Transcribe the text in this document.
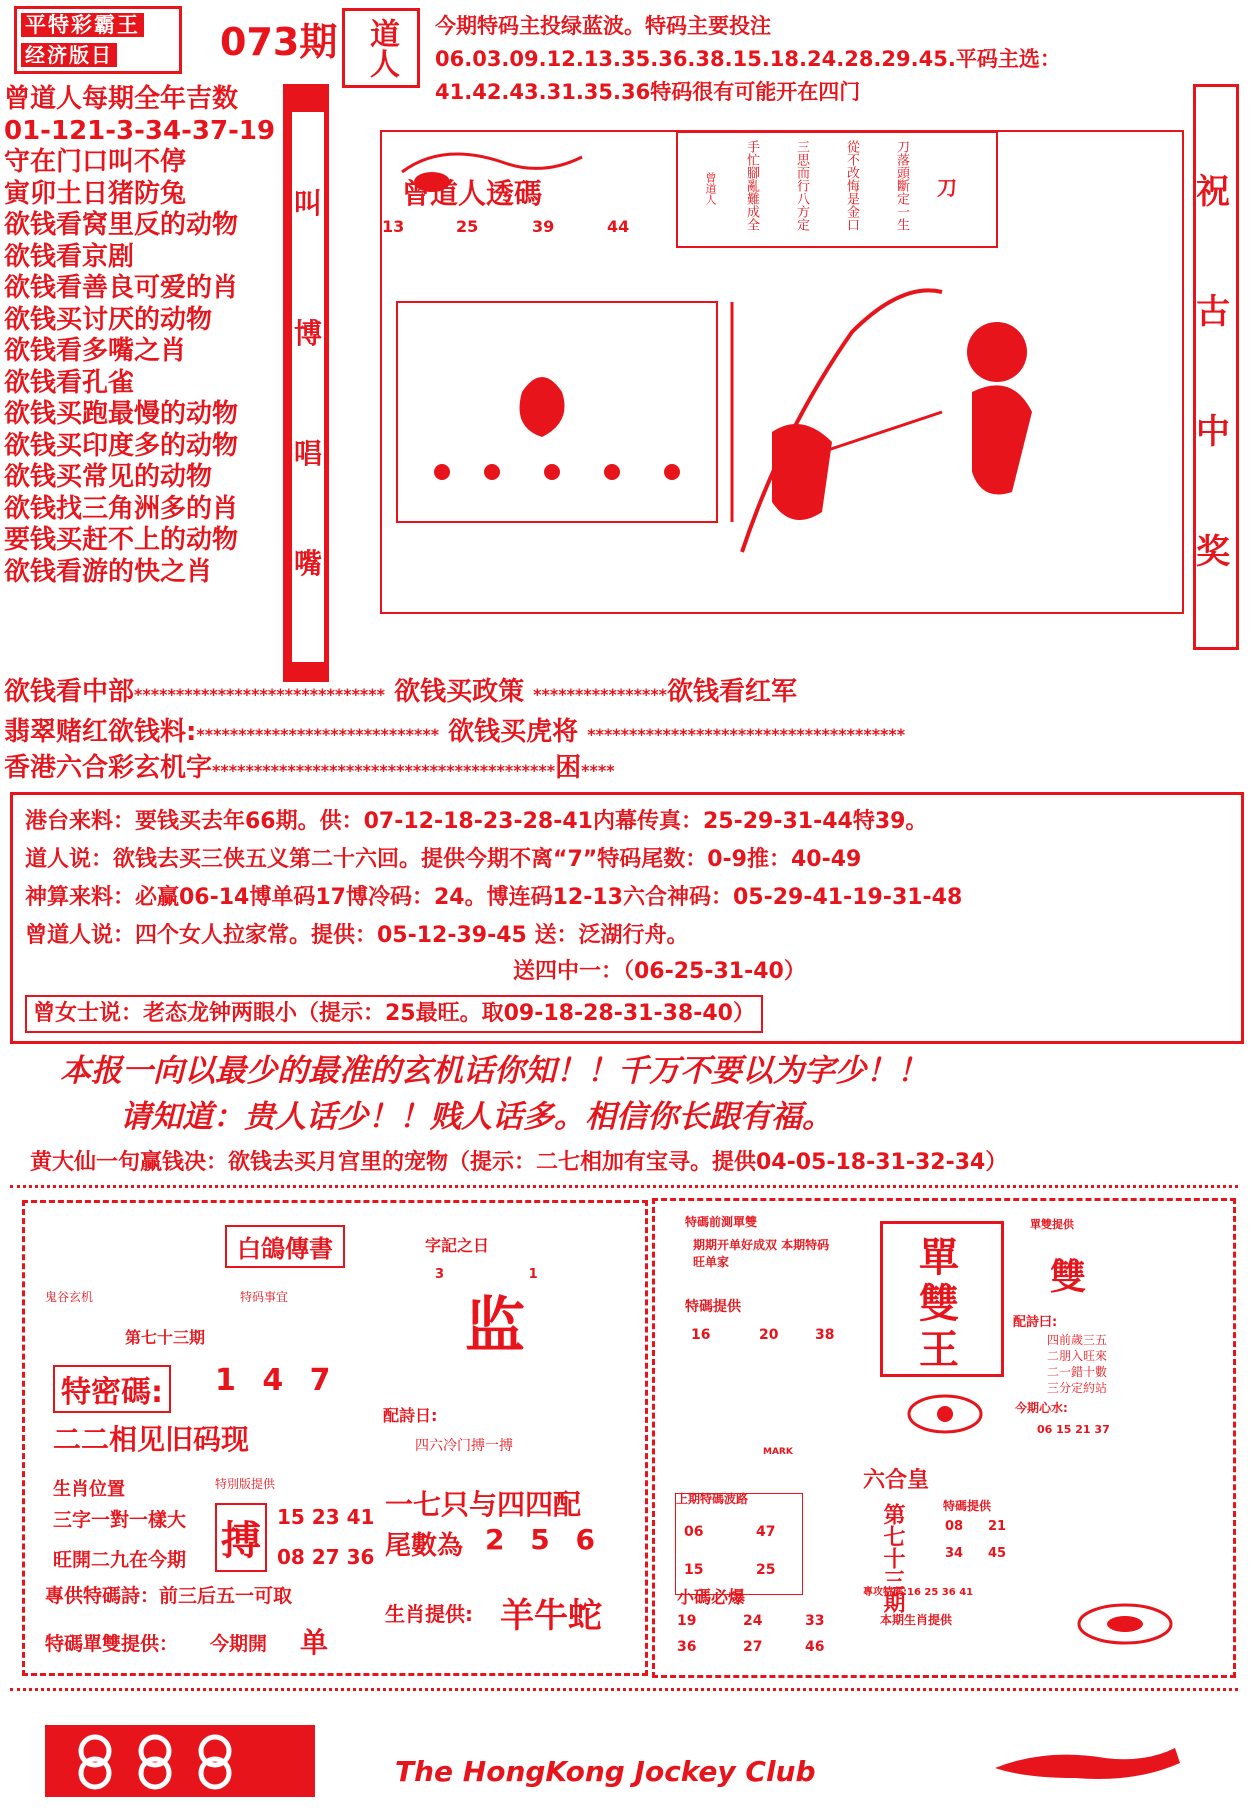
平特彩霸王
经济版日	073期 道人 今期特码主投绿蓝波。特码主要投注06.03.09.12.13.35.36.38.15.18.24.28.29.45.平码主选：41.42.43.31.35.36特码很有可能开在四门
曾道人每期全年吉数
01-121-3-34-37-19
守在门口叫不停
寅卯土日猪防兔
欲钱看窝里反的动物
欲钱看京剧
欲钱看善良可爱的肖
欲钱买讨厌的动物
欲钱看多嘴之肖
欲钱看孔雀
欲钱买跑最慢的动物
欲钱买印度多的动物
欲钱买常见的动物
欲钱找三角洲多的肖
要钱买赶不上的动物
欲钱看游的快之肖
叫
博
唱
嘴
曾道人透碼
13	25	39	44	刀落頭斷定一生
從不改悔是金口
三思而行八方定
手忙腳亂難成全
曾道人	刀	祝
古
中
奖
欲钱看中部****************************** 欲钱买政策 ****************欲钱看红军
翡翠赌红欲钱料:***************************** 欲钱买虎将 **************************************
香港六合彩玄机字*****************************************困****
港台来料：要钱买去年66期。供：07-12-18-23-28-41内幕传真：25-29-31-44特39。
道人说：欲钱去买三侠五义第二十六回。提供今期不离“7”特码尾数：0-9推：40-49
神算来料：必赢06-14博单码17博冷码：24。博连码12-13六合神码：05-29-41-19-31-48
曾道人说：四个女人拉家常。提供：05-12-39-45 送：泛湖行舟。
送四中一：（06-25-31-40）
曾女士说：老态龙钟两眼小（提示：25最旺。取09-18-28-31-38-40）
本报一向以最少的最准的玄机话你知！！千万不要以为字少！！
请知道：贵人话少！！贱人话多。相信你长跟有福。
黄大仙一句赢钱决：欲钱去买月宫里的宠物（提示：二七相加有宝寻。提供04-05-18-31-32-34）
白鴿傳書
鬼谷玄机	特码事宜
第七十三期
特密碼: 1 4 7
二二相见旧码现
生肖位置
三字一對一樣大
旺開二九在今期
特別版提供
搏
15 23 41
08 27 36
專供特碼詩：前三后五一可取
特碼單雙提供： 今期開 单
字記之日
3 1
监
配詩日:
四六冷门搏一搏
一七只与四四配
尾數為 2 5 6
生肖提供: 羊牛蛇
特碼前測單雙
期期开单好成双 本期特码旺单家
特碼提供
16	20	38
單
雙
王
單雙提供
雙
配詩曰:
四前歲三五
二朋入旺來
二一錯十數
三分定約站
今期心水:
06 15 21 37
MARK
六合皇
上期特碼波路
06	47
15	25	第七十三期	特碼提供
08 21
34 45
小碼必爆
19	24	33
36	27	46
專攻特碼:16 25 36 41
本期生肖提供
The HongKong Jockey Club
